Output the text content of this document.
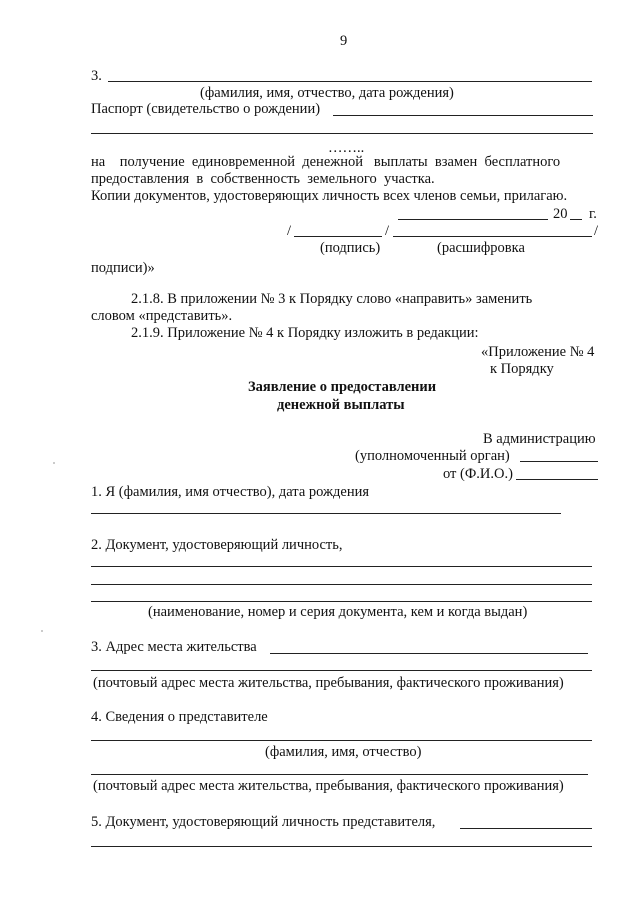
9
3.
(фамилия, имя, отчество, дата рождения)
Паспорт (свидетельство о рождении)
……..
на    получение  единовременной  денежной   выплаты  взамен  бесплатного
предоставления  в  собственность  земельного  участка.
Копии документов, удостоверяющих личность всех членов семьи, прилагаю.
20 г.
/	/	/
(подпись)	(расшифровка
подписи)»
2.1.8. В приложении № 3 к Порядку слово «направить» заменить
словом «представить».
2.1.9. Приложение № 4 к Порядку изложить в редакции:
«Приложение № 4
к Порядку
Заявление о предоставлении
денежной выплаты
В администрацию
(уполномоченный орган)
от (Ф.И.О.)
1. Я (фамилия, имя отчество), дата рождения
2. Документ, удостоверяющий личность,
(наименование, номер и серия документа, кем и когда выдан)
3. Адрес места жительства
(почтовый адрес места жительства, пребывания, фактического проживания)
4. Сведения о представителе
(фамилия, имя, отчество)
(почтовый адрес места жительства, пребывания, фактического проживания)
5. Документ, удостоверяющий личность представителя,
